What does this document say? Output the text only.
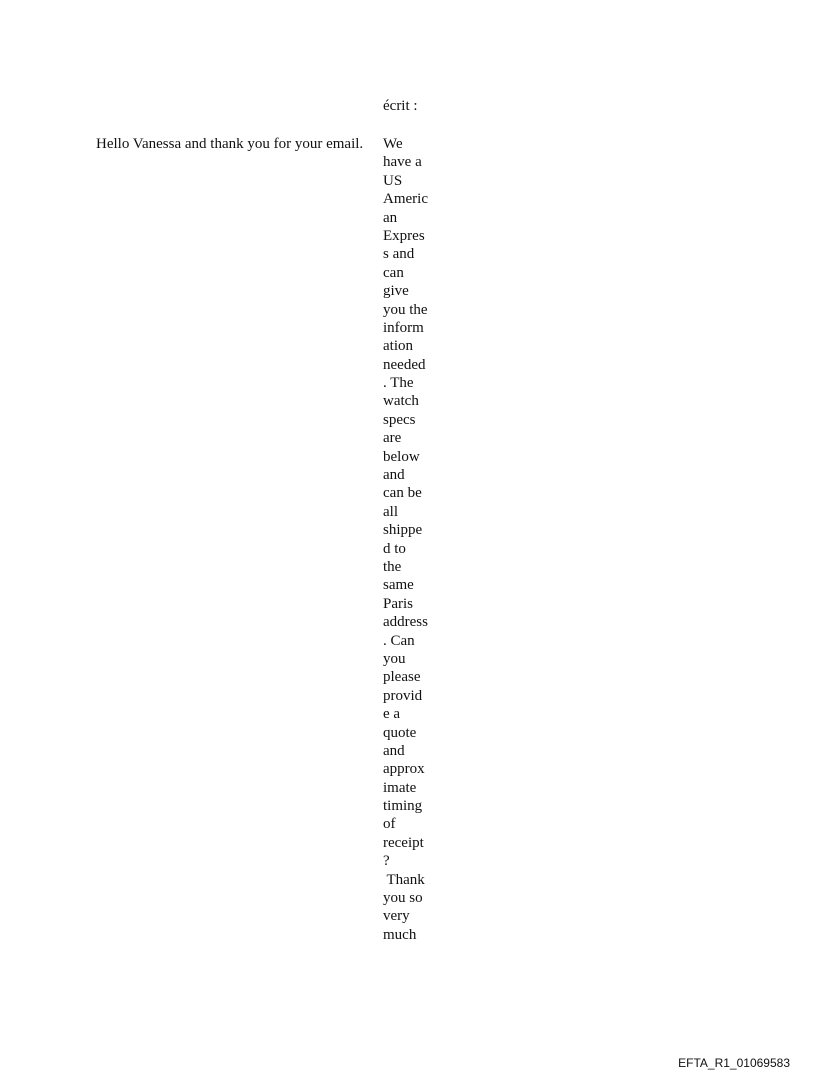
écrit :
Hello Vanessa and thank you for your email. We
have a
US
Americ
an
Expres
s and
can
give
you the
inform
ation
needed
. The
watch
specs
are
below
and
can be
all
shippe
d to
the
same
Paris
address
. Can
you
please
provid
e a
quote
and
approx
imate
timing
of
receipt
?
Thank
you so
very
much
EFTA_R1_01069583
